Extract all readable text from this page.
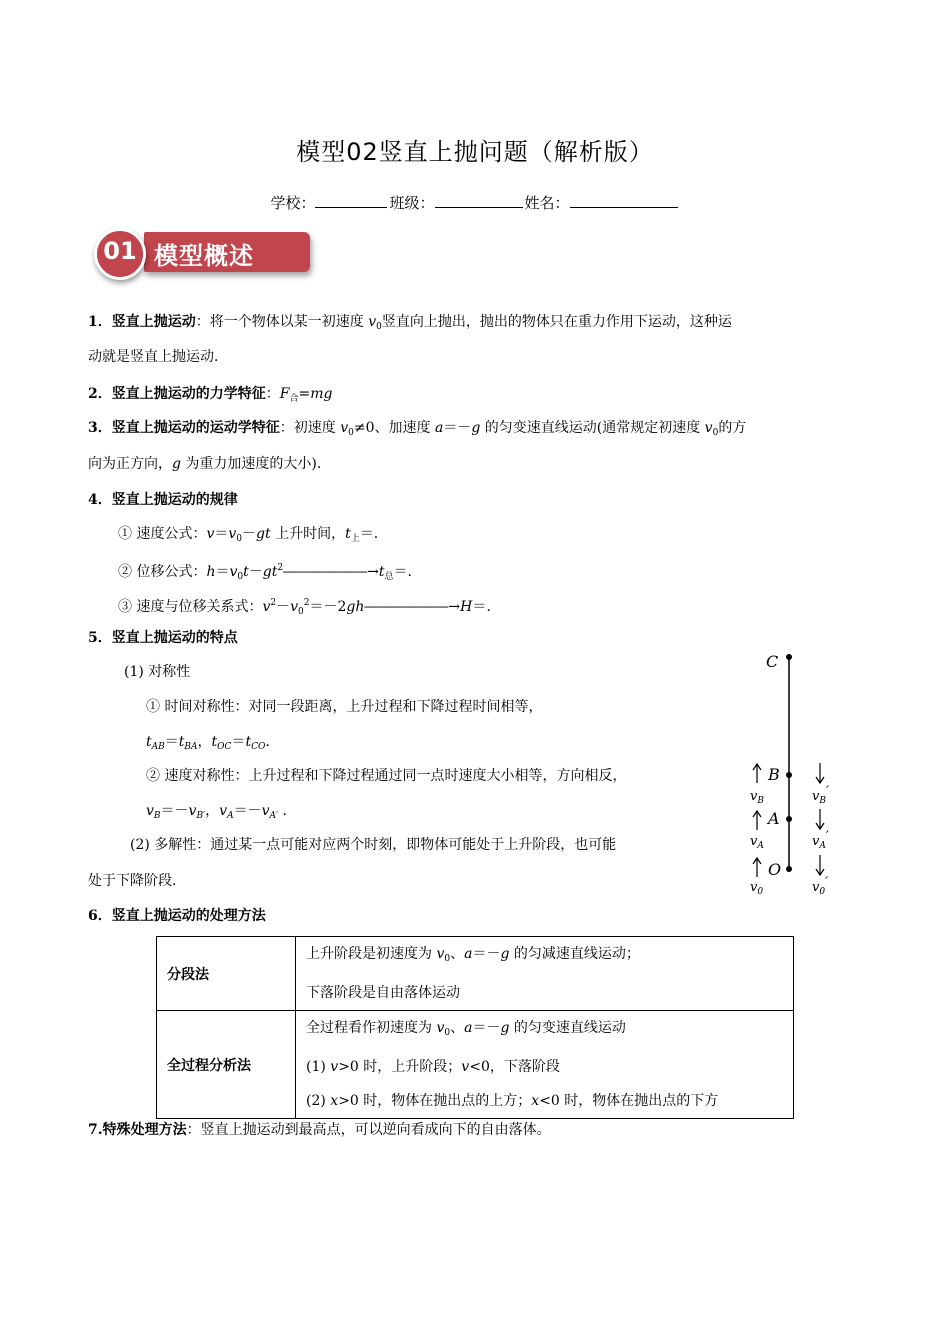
模型02竖直上抛问题（解析版）
学校：	班级：	姓名：
模型概述
01
1．竖直上抛运动：将一个物体以某一初速度 $v_0$竖直向上抛出，抛出的物体只在重力作用下运动，这种运
动就是竖直上抛运动．
2．竖直上抛运动的力学特征：$F_合=mg$
3．竖直上抛运动的运动学特征：初速度 $v_0\ne 0$、加速度 a＝－g 的匀变速直线运动(通常规定初速度 $v_0$的方
向为正方向，g 为重力加速度的大小)．
4．竖直上抛运动的规律
① 速度公式：$v=v_0-gt$ 上升时间，$t_上=$.
② 位移公式：$h=v_0t-gt^2――――――\to t_总=$.
③ 速度与位移关系式：$v^2-v_0^2=-2gh――――――\to H=$.
5．竖直上抛运动的特点
(1) 对称性
① 时间对称性：对同一段距离，上升过程和下降过程时间相等，
$t_{AB}=t_{BA}$，$t_{OC}=t_{CO}$.
② 速度对称性：上升过程和下降过程通过同一点时速度大小相等，方向相反，
$v_B=-v_{B'}$，$v_A=-v_{A'}$ .
(2) 多解性：通过某一点可能对应两个时刻，即物体可能处于上升阶段，也可能
处于下降阶段.
C
B
A
O
$v_B$
$v_A$
$v_0$
$v_B'$
$v_A'$
$v_0'$
6．竖直上抛运动的处理方法
分段法	上升阶段是初速度为 $v_0$、a＝－g 的匀减速直线运动；
下落阶段是自由落体运动

全过程分析法	全过程看作初速度为 $v_0$、a＝－g 的匀变速直线运动
(1) v>0 时，上升阶段；v<0，下落阶段
(2) x>0 时，物体在抛出点的上方；x<0 时，物体在抛出点的下方
7.特殊处理方法：竖直上抛运动到最高点，可以逆向看成向下的自由落体。
